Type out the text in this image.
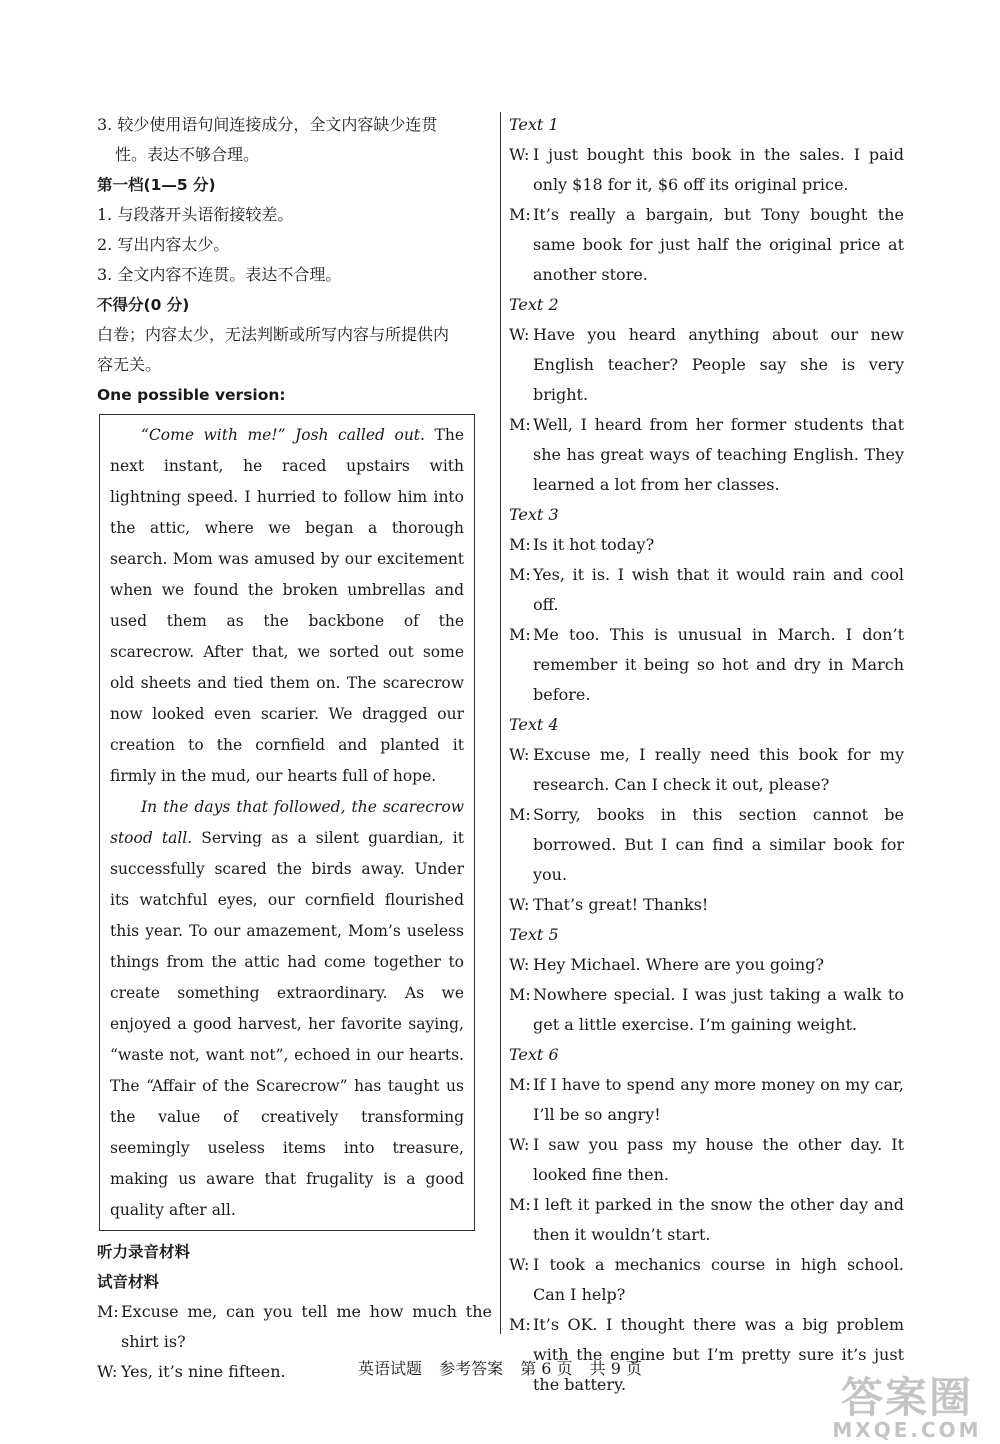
3. 较少使用语句间连接成分，全文内容缺少连贯
性。表达不够合理。
第一档(1—5 分)
1. 与段落开头语衔接较差。
2. 写出内容太少。
3. 全文内容不连贯。表达不合理。
不得分(0 分)
白卷；内容太少，无法判断或所写内容与所提供内
容无关。
One possible version:

“Come with me!” Josh called out. The next instant, he raced upstairs with lightning speed. I hurried to follow him into the attic, where we began a thorough search. Mom was amused by our excitement when we found the broken umbrellas and used them as the backbone of the scarecrow. After that, we sorted out some old sheets and tied them on. The scarecrow now looked even scarier. We dragged our creation to the cornfield and planted it firmly in the mud, our hearts full of hope.

In the days that followed, the scarecrow stood tall. Serving as a silent guardian, it successfully scared the birds away. Under its watchful eyes, our cornfield flourished this year. To our amazement, Mom’s useless things from the attic had come together to create something extraordinary. As we enjoyed a good harvest, her favorite saying, “waste not, want not”, echoed in our hearts. The “Affair of the Scarecrow” has taught us the value of creatively transforming seemingly useless items into treasure, making us aware that frugality is a good quality after all.

听力录音材料
试音材料
M: Excuse me, can you tell me how much the shirt is?
W: Yes, it’s nine fifteen.
Text 1
W: I just bought this book in the sales. I paid only $18 for it, $6 off its original price.
M: It’s really a bargain, but Tony bought the same book for just half the original price at another store.
Text 2
W: Have you heard anything about our new English teacher? People say she is very bright.
M: Well, I heard from her former students that she has great ways of teaching English. They learned a lot from her classes.
Text 3
M: Is it hot today?
M: Yes, it is. I wish that it would rain and cool off.
M: Me too. This is unusual in March. I don’t remember it being so hot and dry in March before.
Text 4
W: Excuse me, I really need this book for my research. Can I check it out, please?
M: Sorry, books in this section cannot be borrowed. But I can find a similar book for you.
W: That’s great! Thanks!
Text 5
W: Hey Michael. Where are you going?
M: Nowhere special. I was just taking a walk to get a little exercise. I’m gaining weight.
Text 6
M: If I have to spend any more money on my car, I’ll be so angry!
W: I saw you pass my house the other day. It looked fine then.
M: I left it parked in the snow the other day and then it wouldn’t start.
W: I took a mechanics course in high school. Can I help?
M: It’s OK. I thought there was a big problem with the engine but I’m pretty sure it’s just the battery.
英语试题 参考答案 第 6 页 共 9 页
答案圈
MXQE.COM
